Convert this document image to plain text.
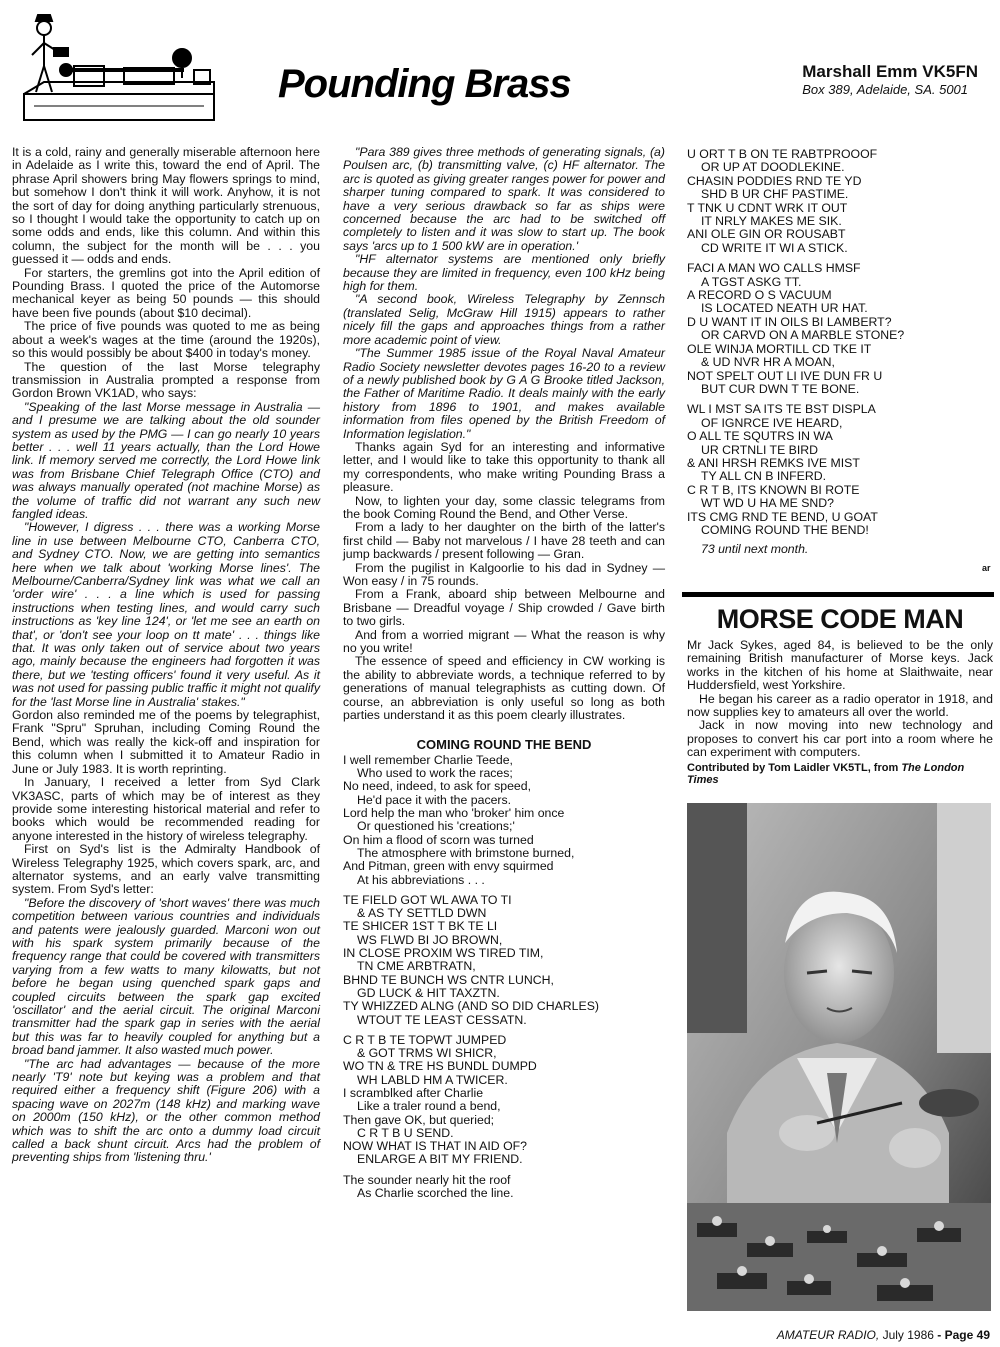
Pounding Brass	Marshall Emm VK5FN
Box 389, Adelaide, SA. 5001

It is a cold, rainy and generally miserable afternoon here in Adelaide as I write this, toward the end of April. The phrase April showers bring May flowers springs to mind, but somehow I don't think it will work. Anyhow, it is not the sort of day for doing anything particularly strenuous, so I thought I would take the opportunity to catch up on some odds and ends, like this column. And within this column, the subject for the month will be . . . you guessed it — odds and ends.

For starters, the gremlins got into the April edition of Pounding Brass. I quoted the price of the Automorse mechanical keyer as being 50 pounds — this should have been five pounds (about $10 decimal).

The price of five pounds was quoted to me as being about a week's wages at the time (around the 1920s), so this would possibly be about $400 in today's money.

The question of the last Morse telegraphy transmission in Australia prompted a response from Gordon Brown VK1AD, who says:

"Speaking of the last Morse message in Australia — and I presume we are talking about the old sounder system as used by the PMG — I can go nearly 10 years better . . . well 11 years actually, than the Lord Howe link. If memory served me correctly, the Lord Howe link was from Brisbane Chief Telegraph Office (CTO) and was always manually operated (not machine Morse) as the volume of traffic did not warrant any such new fangled ideas.

"However, I digress . . . there was a working Morse line in use between Melbourne CTO, Canberra CTO, and Sydney CTO. Now, we are getting into semantics here when we talk about 'working Morse lines'. The Melbourne/Canberra/Sydney link was what we call an 'order wire' . . . a line which is used for passing instructions when testing lines, and would carry such instructions as 'key line 124', or 'let me see an earth on that', or 'don't see your loop on tt mate' . . . things like that. It was only taken out of service about two years ago, mainly because the engineers had forgotten it was there, but we 'testing officers' found it very useful. As it was not used for passing public traffic it might not qualify for the 'last Morse line in Australia' stakes."

Gordon also reminded me of the poems by telegraphist, Frank "Spru" Spruhan, including Coming Round the Bend, which was really the kick-off and inspiration for this column when I submitted it to Amateur Radio in June or July 1983. It is worth reprinting.

In January, I received a letter from Syd Clark VK3ASC, parts of which may be of interest as they provide some interesting historical material and refer to books which would be recommended reading for anyone interested in the history of wireless telegraphy.

First on Syd's list is the Admiralty Handbook of Wireless Telegraphy 1925, which covers spark, arc, and alternator systems, and an early valve transmitting system. From Syd's letter:

"Before the discovery of 'short waves' there was much competition between various countries and individuals and patents were jealously guarded. Marconi won out with his spark system primarily because of the frequency range that could be covered with transmitters varying from a few watts to many kilowatts, but not before he began using quenched spark gaps and coupled circuits between the spark gap excited 'oscillator' and the aerial circuit. The original Marconi transmitter had the spark gap in series with the aerial but this was far to heavily coupled for anything but a broad band jammer. It also wasted much power.

"The arc had advantages — because of the more nearly 'T9' note but keying was a problem and that required either a frequency shift (Figure 206) with a spacing wave on 2027m (148 kHz) and marking wave on 2000m (150 kHz), or the other common method which was to shift the arc onto a dummy load circuit called a back shunt circuit. Arcs had the problem of preventing ships from 'listening thru.'

"Para 389 gives three methods of generating signals, (a) Poulsen arc, (b) transmitting valve, (c) HF alternator. The arc is quoted as giving greater ranges power for power and sharper tuning compared to spark. It was considered to have a very serious drawback so far as ships were concerned because the arc had to be switched off completely to listen and it was slow to start up. The book says 'arcs up to 1 500 kW are in operation.'

"HF alternator systems are mentioned only briefly because they are limited in frequency, even 100 kHz being high for them.

"A second book, Wireless Telegraphy by Zennsch (translated Selig, McGraw Hill 1915) appears to rather nicely fill the gaps and approaches things from a rather more academic point of view.

"The Summer 1985 issue of the Royal Naval Amateur Radio Society newsletter devotes pages 16-20 to a review of a newly published book by G A G Brooke titled Jackson, the Father of Maritime Radio. It deals mainly with the early history from 1896 to 1901, and makes available information from files opened by the British Freedom of Information legislation."

Thanks again Syd for an interesting and informative letter, and I would like to take this opportunity to thank all my correspondents, who make writing Pounding Brass a pleasure.

Now, to lighten your day, some classic telegrams from the book Coming Round the Bend, and Other Verse.

From a lady to her daughter on the birth of the latter's first child — Baby not marvelous / I have 28 teeth and can jump backwards / present following — Gran.

From the pugilist in Kalgoorlie to his dad in Sydney — Won easy / in 75 rounds.

From a Frank, aboard ship between Melbourne and Brisbane — Dreadful voyage / Ship crowded / Gave birth to two girls.

And from a worried migrant — What the reason is why no you write!

The essence of speed and efficiency in CW working is the ability to abbreviate words, a technique referred to by generations of manual telegraphists as cutting down. Of course, an abbreviation is only useful so long as both parties understand it as this poem clearly illustrates.

COMING ROUND THE BEND
I well remember Charlie Teede,
Who used to work the races;
No need, indeed, to ask for speed,
He'd pace it with the pacers.
Lord help the man who 'broker' him once
Or questioned his 'creations;'
On him a flood of scorn was turned
The atmosphere with brimstone burned,
And Pitman, green with envy squirmed
At his abbreviations . . .
TE FIELD GOT WL AWA TO TI
& AS TY SETTLD DWN
TE SHICER 1ST T BK TE LI
WS FLWD BI JO BROWN,
IN CLOSE PROXIM WS TIRED TIM,
TN CME ARBTRATN,
BHND TE BUNCH WS CNTR LUNCH,
GD LUCK & HIT TAXZTN.
TY WHIZZED ALNG (AND SO DID CHARLES)
WTOUT TE LEAST CESSATN.
C R T B TE TOPWT JUMPED
& GOT TRMS WI SHICR,
WO TN & TRE HS BUNDL DUMPD
WH LABLD HM A TWICER.
I scramblked after Charlie
Like a traler round a bend,
Then gave OK, but queried;
C R T B U SEND.
NOW WHAT IS THAT IN AID OF?
ENLARGE A BIT MY FRIEND.
The sounder nearly hit the roof
As Charlie scorched the line.
U ORT T B ON TE RABTPROOOF
OR UP AT DOODLEKINE.
CHASIN PODDIES RND TE YD
SHD B UR CHF PASTIME.
T TNK U CDNT WRK IT OUT
IT NRLY MAKES ME SIK.
ANI OLE GIN OR ROUSABT
CD WRITE IT WI A STICK.
FACI A MAN WO CALLS HMSF
A TGST ASKG TT.
A RECORD O S VACUUM
IS LOCATED NEATH UR HAT.
D U WANT IT IN OILS BI LAMBERT?
OR CARVD ON A MARBLE STONE?
OLE WINJA MORTILL CD TKE IT
& UD NVR HR A MOAN,
NOT SPELT OUT LI IVE DUN FR U
BUT CUR DWN T TE BONE.
WL I MST SA ITS TE BST DISPLA
OF IGNRCE IVE HEARD,
O ALL TE SQUTRS IN WA
UR CRTNLI TE BIRD
& ANI HRSH REMKS IVE MIST
TY ALL CN B INFERD.
C R T B, ITS KNOWN BI ROTE
WT WD U HA ME SND?
ITS CMG RND TE BEND, U GOAT
COMING ROUND THE BEND!
73 until next month.
ar
MORSE CODE MAN

Mr Jack Sykes, aged 84, is believed to be the only remaining British manufacturer of Morse keys. Jack works in the kitchen of his home at Slaithwaite, near Huddersfield, west Yorkshire.

He began his career as a radio operator in 1918, and now supplies key to amateurs all over the world.

Jack in now moving into new technology and proposes to convert his car port into a room where he can experiment with computers.

Contributed by Tom Laidler VK5TL, from The London Times
AMATEUR RADIO, July 1986 - Page 49
